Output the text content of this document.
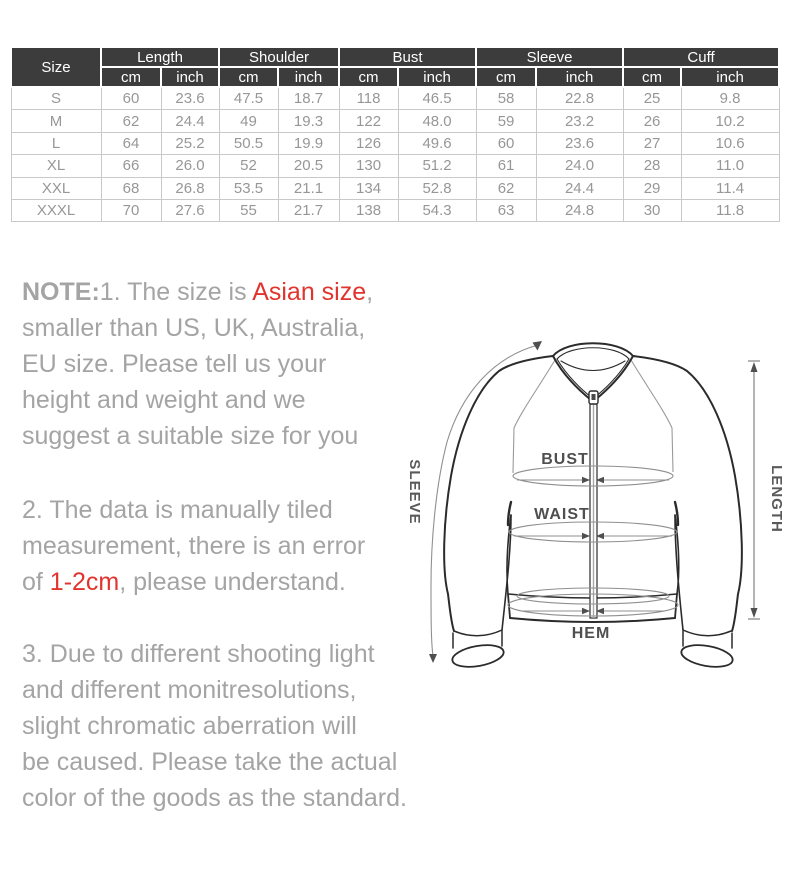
Size	Length		Shoulder		Bust		Sleeve		Cuff	
	cm	inch	cm	inch	cm	inch	cm	inch	cm	inch
S	60	23.6	47.5	18.7	118	46.5	58	22.8	25	9.8
M	62	24.4	49	19.3	122	48.0	59	23.2	26	10.2
L	64	25.2	50.5	19.9	126	49.6	60	23.6	27	10.6
XL	66	26.0	52	20.5	130	51.2	61	24.0	28	11.0
XXL	68	26.8	53.5	21.1	134	52.8	62	24.4	29	11.4
XXXL	70	27.6	55	21.7	138	54.3	63	24.8	30	11.8
NOTE:1. The size is Asian size,
smaller than US, UK, Australia,
EU size. Please tell us your
height and weight and we
suggest a suitable size for you
2. The data is manually tiled
measurement, there is an error
of 1-2cm, please understand.
3. Due to different shooting light
and different monitresolutions,
slight chromatic aberration will
be caused. Please take the actual
color of the goods as the standard.
BUST
WAIST
HEM
SLEEVE	LENGTH
